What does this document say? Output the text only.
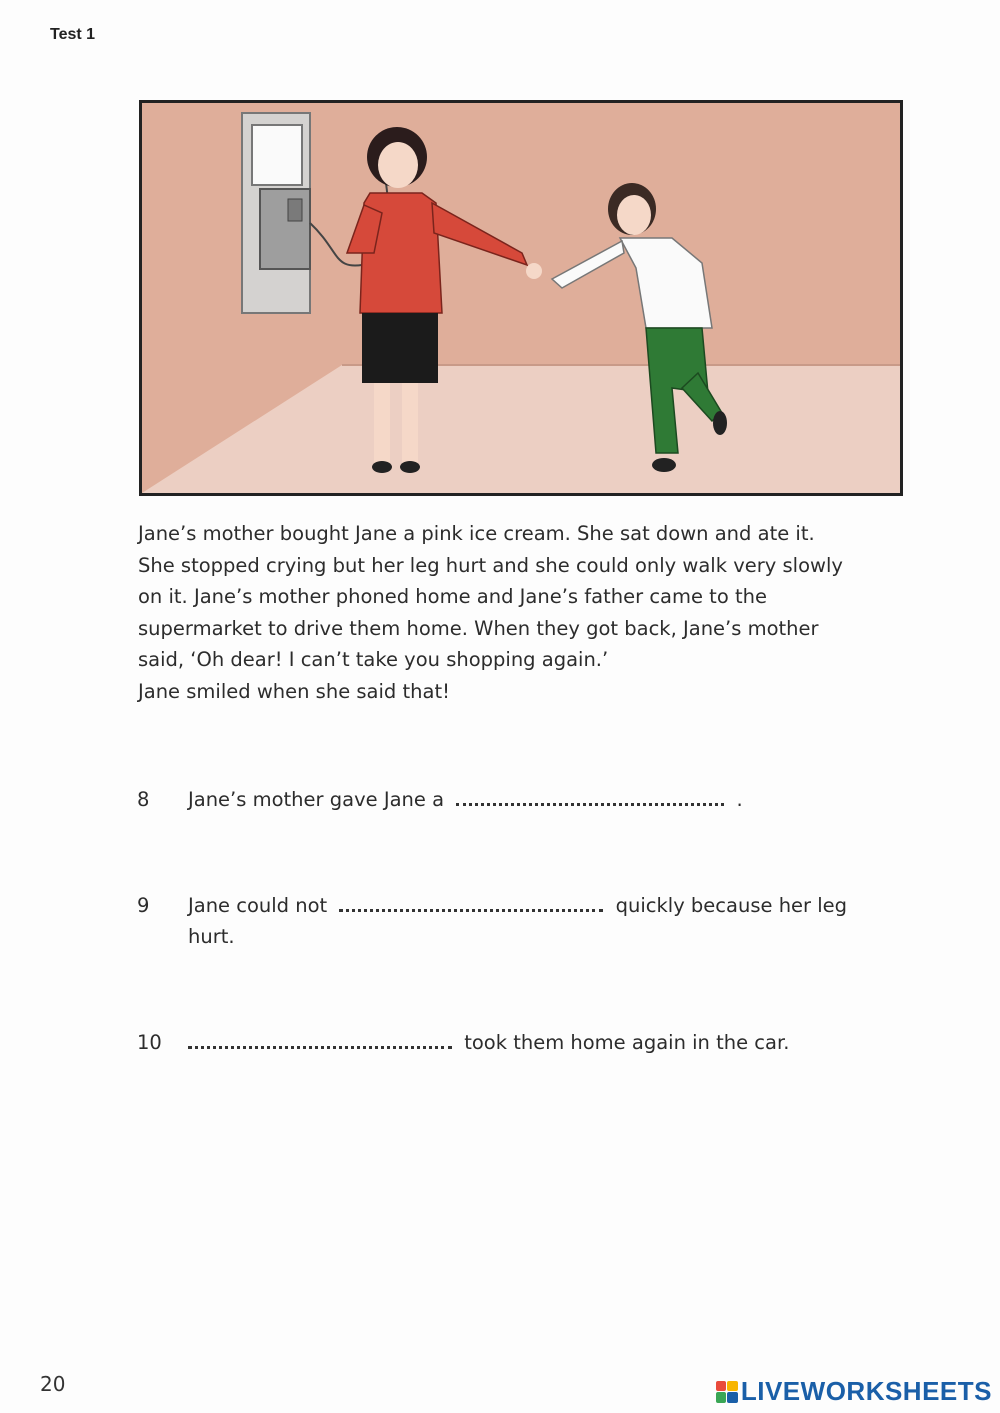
Test 1
Jane’s mother bought Jane a pink ice cream. She sat down and ate it.
She stopped crying but her leg hurt and she could only walk very slowly
on it. Jane’s mother phoned home and Jane’s father came to the
supermarket to drive them home. When they got back, Jane’s mother
said, ‘Oh dear! I can’t take you shopping again.’
Jane smiled when she said that!
8	Jane’s mother gave Jane a	.
9	Jane could not	quickly because her leg
hurt.
10	took them home again in the car.
20	LIVEWORKSHEETS
